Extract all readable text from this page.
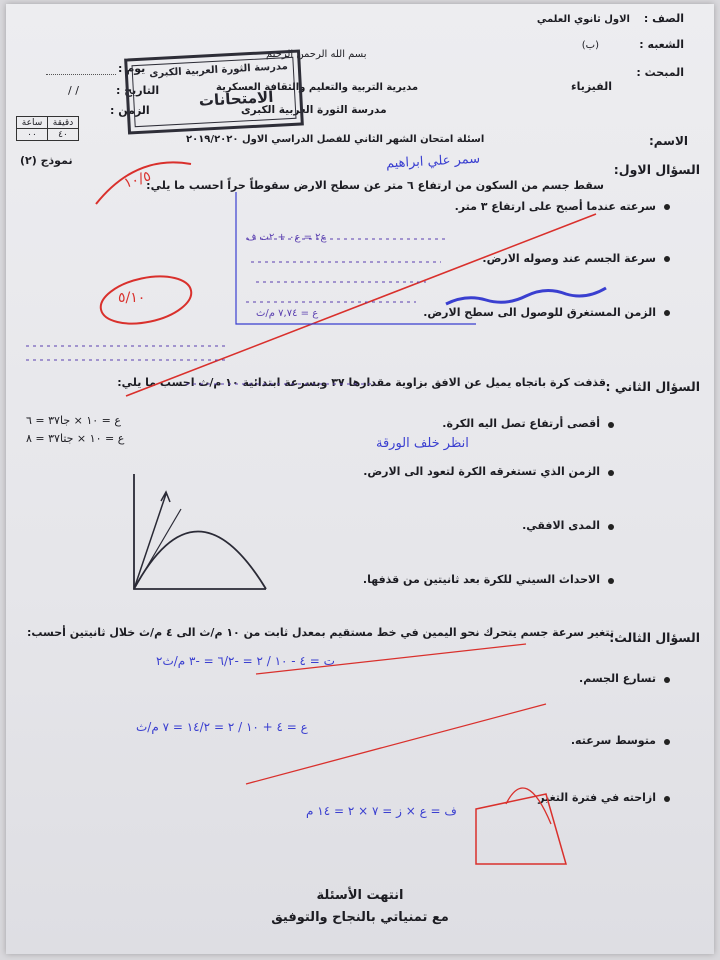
الصف :
الاول ثانوي العلمي
الشعبه :
(ب)
المبحث :
الفيزياء
بسم الله الرحمن الرحيم
مديرية التربية والتعليم والثقافة العسكرية
مدرسة الثورة العربية الكبرى
اسئلة امتحان الشهر الثاني للفصل الدراسي الاول ٢٠١٩/٢٠٢٠
يوم :
التاريخ :
/ /
الزمن :
ساعة	دقيقة
٠٠	٤٠
نموذج (٢)
الاسم:
مدرسة الثورة العربية الكبرى
الامتحانات
السؤال الاول:
سقط جسم من السكون من ارتفاع ٦ متر عن سطح الارض سقوطاً حراً احسب ما يلي:
سرعته عندما أصبح على ارتفاع ٣ متر.
سرعة الجسم عند وصوله الارض.
الزمن المستغرق للوصول الى سطح الارض.
السؤال الثاني :
قذفت كرة باتجاه يميل عن الافق بزاوية مقدارها ٣٧ وبسرعة ابتدائية ١٠ م/ث احسب ما يلي:
أقصى أرتفاع تصل اليه الكرة.
الزمن الذي تستغرقه الكرة لتعود الى الارض.
المدى الافقي.
الاحداث السيني للكرة بعد ثانيتين من قذفها.
السؤال الثالث:
تتغير سرعة جسم يتحرك نحو اليمين في خط مستقيم بمعدل ثابت من ١٠ م/ث الى ٤ م/ث خلال ثانيتين أحسب:
تسارع الجسم.
متوسط سرعته.
ازاحته في فترة التغير
انتهت الأسئلة
مع تمنياتي بالنجاح والتوفيق
سمر علي ابراهيم
١٠/٥
٥/١٠
ع٢ = ع٠ + ٢ت ف
ع = ٧,٧٤ م/ث
انظر خلف الورقة
ع = ١٠ × جا٣٧ = ٦
ع = ١٠ × جتا٣٧ = ٨
ت = ٤ - ١٠ / ٢ = -٦/٢ = -٣ م/ث٢
ع = ٤ + ١٠ / ٢ = ١٤/٢ = ٧ م/ث
ف = ع × ز = ٧ × ٢ = ١٤ م
